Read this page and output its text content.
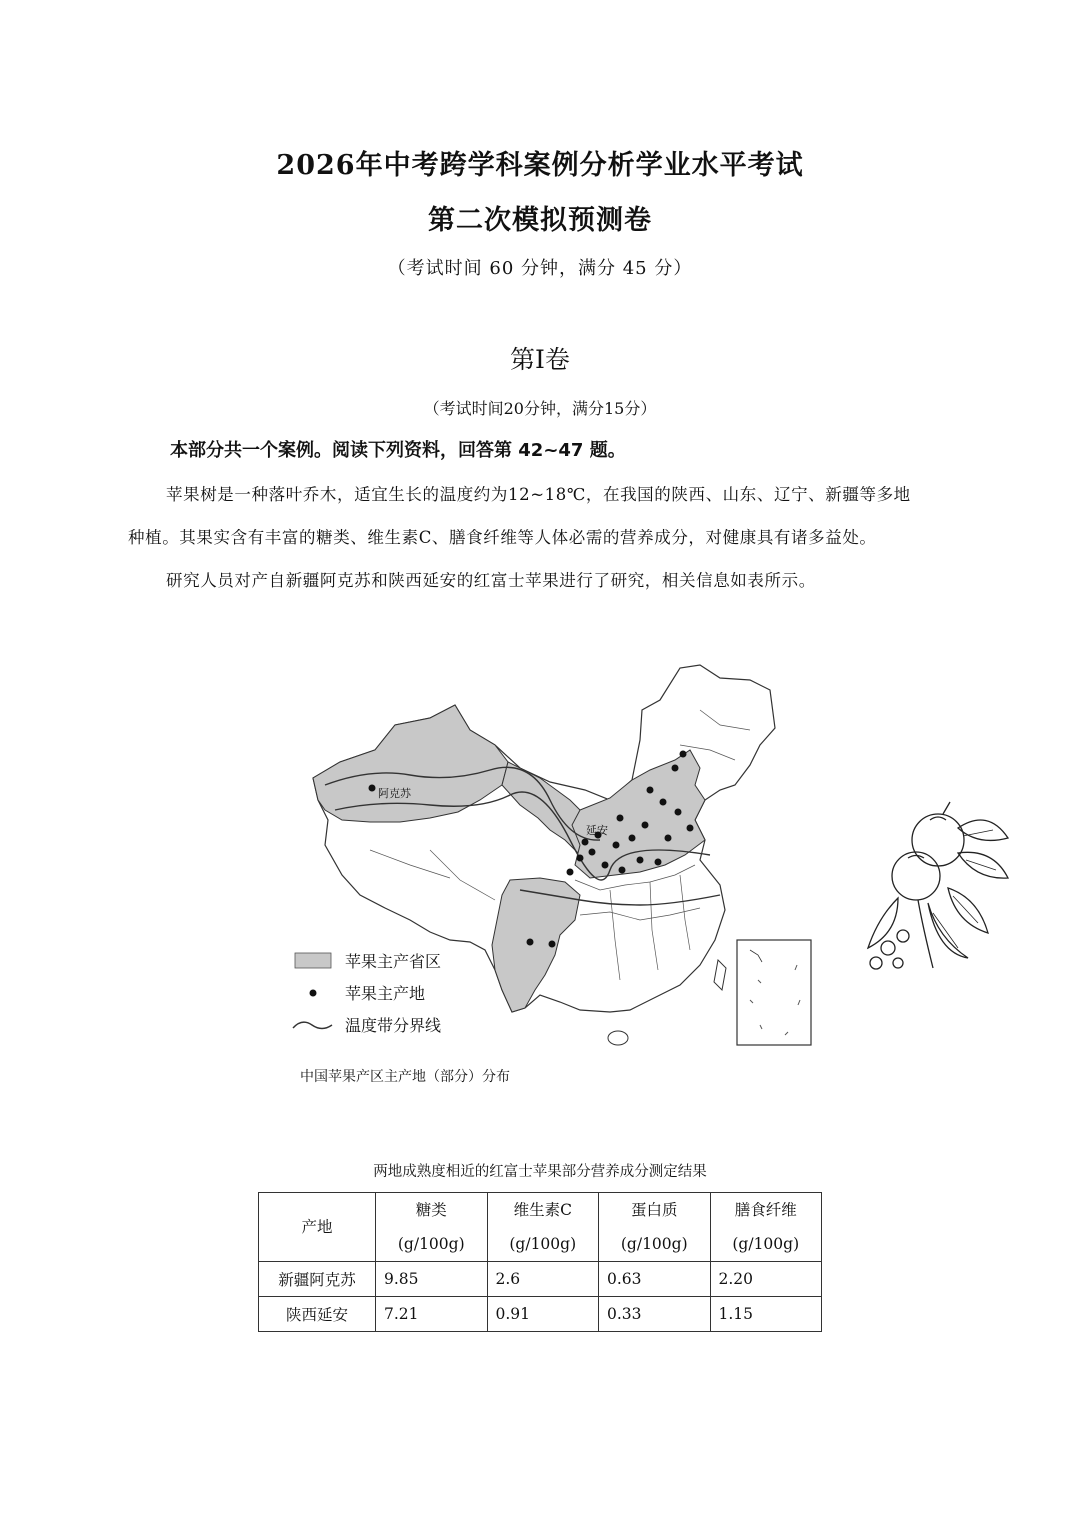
2026年中考跨学科案例分析学业水平考试
第二次模拟预测卷
（考试时间 60 分钟，满分 45 分）
第I卷
（考试时间20分钟，满分15分）
本部分共一个案例。阅读下列资料，回答第 42~47 题。
苹果树是一种落叶乔木，适宜生长的温度约为12~18℃，在我国的陕西、山东、辽宁、新疆等多地
种植。其果实含有丰富的糖类、维生素C、膳食纤维等人体必需的营养成分，对健康具有诸多益处。
研究人员对产自新疆阿克苏和陕西延安的红富士苹果进行了研究，相关信息如表所示。
阿克苏
延安
苹果主产省区
苹果主产地
温度带分界线
中国苹果产区主产地（部分）分布
两地成熟度相近的红富士苹果部分营养成分测定结果
产地	糖类	维生素C	蛋白质	膳食纤维
	(g/100g)	(g/100g)	(g/100g)	(g/100g)
新疆阿克苏	9.85	2.6	0.63	2.20
陕西延安	7.21	0.91	0.33	1.15
